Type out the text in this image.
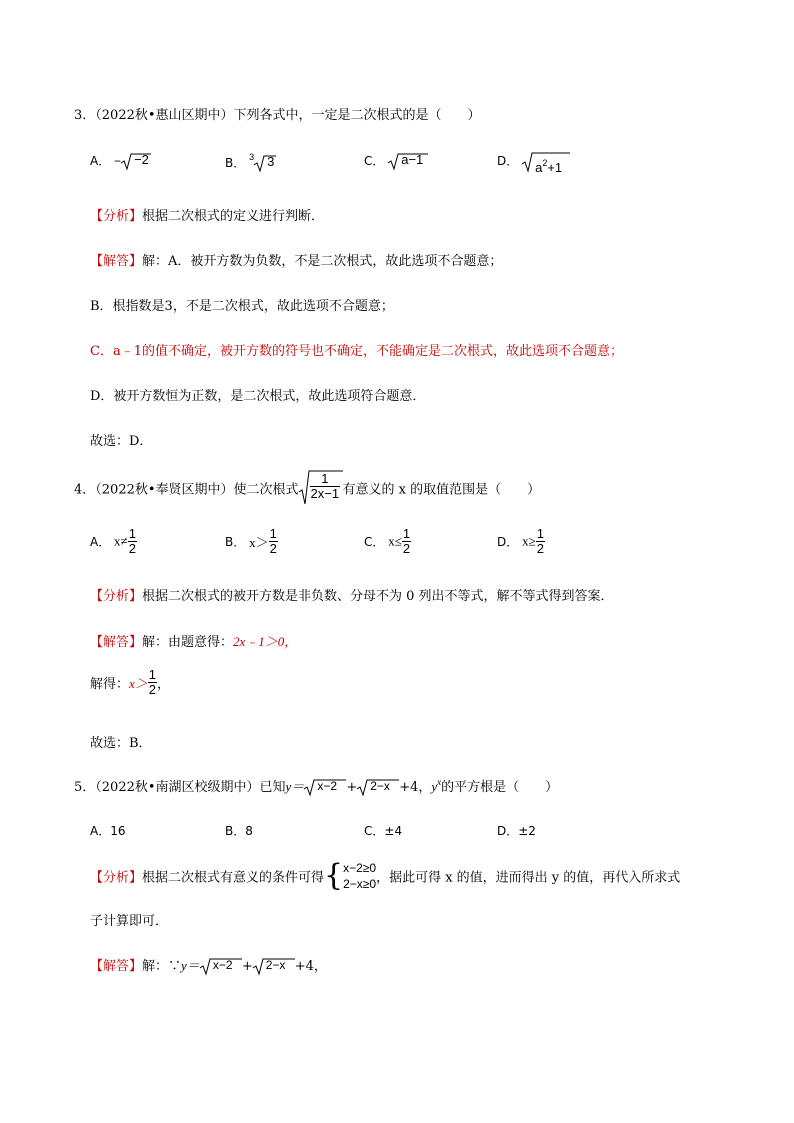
3．（2022秋•惠山区期中）下列各式中，一定是二次根式的是（　　）
A． − −2	B． $^3$ 3	C． a−1	D． $a^2+1$
【分析】根据二次根式的定义进行判断．
【解答】解：A．被开方数为负数，不是二次根式，故此选项不合题意；
B．根指数是3，不是二次根式，故此选项不合题意；
C．a﹣1的值不确定，被开方数的符号也不确定，不能确定是二次根式，故此选项不合题意；
D．被开方数恒为正数，是二次根式，故此选项符合题意．
故选：D．
4．（2022秋•奉贤区期中）使二次根式 $\frac{1}{2x-1}$ 有意义的 x 的取值范围是（　　）
A． $x\ne \frac{1}{2}$	B． $x> \frac{1}{2}$	C． $x\le \frac{1}{2}$	D． $x\ge \frac{1}{2}$
【分析】根据二次根式的被开方数是非负数、分母不为 0 列出不等式，解不等式得到答案．
【解答】解：由题意得：2x﹣1＞0，
解得：$x> \frac{1}{2}$ ，
故选：B．
5．（2022秋•南湖区校级期中）已知y＝ x−2 + 2−x +4，$y^x$的平方根是（　　）
A．16	B．8	C．±4	D．±2
【分析】根据二次根式有意义的条件可得{ x−2≥0
2−x≥0 ，据此可得 x 的值，进而得出 y 的值，再代入所求式
子计算即可．
【解答】解：∵y＝ x−2 + 2−x +4，
